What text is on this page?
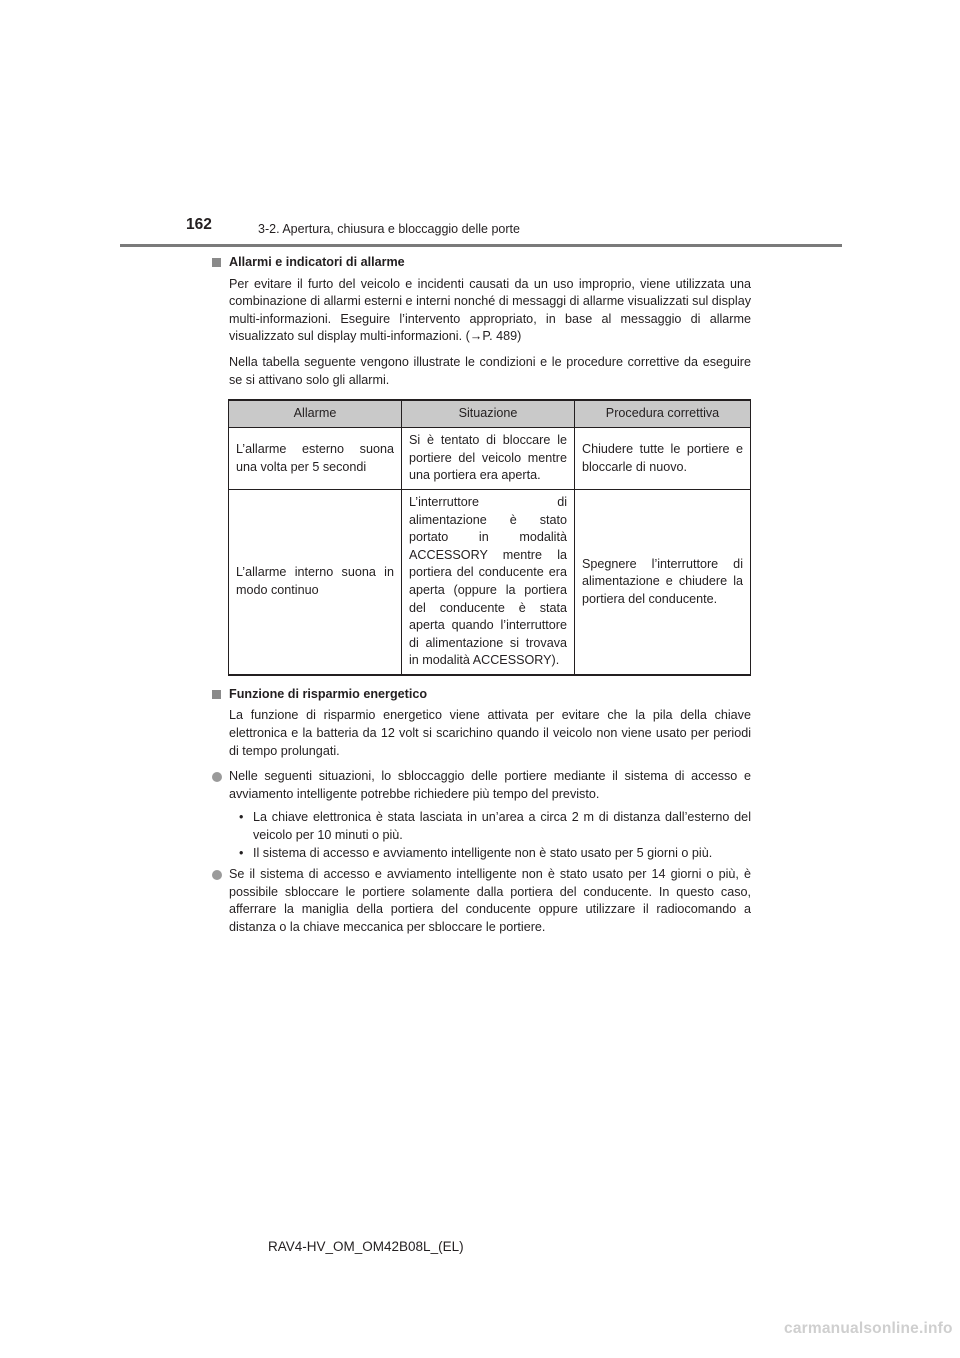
162	3-2. Apertura, chiusura e bloccaggio delle porte
Allarmi e indicatori di allarme

Per evitare il furto del veicolo e incidenti causati da un uso improprio, viene utilizzata una combinazione di allarmi esterni e interni nonché di messaggi di allarme visualizzati sul display multi-informazioni. Eseguire l’intervento appropriato, in base al messaggio di allarme visualizzato sul display multi-informazioni. (→P. 489)

Nella tabella seguente vengono illustrate le condizioni e le procedure correttive da eseguire se si attivano solo gli allarmi.

Allarme	Situazione	Procedura correttiva
L’allarme esterno suona una volta per 5 secondi	Si è tentato di bloccare le portiere del veicolo mentre una portiera era aperta.	Chiudere tutte le portiere e bloccarle di nuovo.
L’allarme interno suona in modo continuo	L’interruttore di alimentazione è stato portato in modalità ACCESSORY mentre la portiera del conducente era aperta (oppure la portiera del conducente è stata aperta quando l’interruttore di alimentazione si trovava in modalità ACCESSORY).	Spegnere l’interruttore di alimentazione e chiudere la portiera del conducente.
Funzione di risparmio energetico

La funzione di risparmio energetico viene attivata per evitare che la pila della chiave elettronica e la batteria da 12 volt si scarichino quando il veicolo non viene usato per periodi di tempo prolungati.

Nelle seguenti situazioni, lo sbloccaggio delle portiere mediante il sistema di accesso e avviamento intelligente potrebbe richiedere più tempo del previsto.
• La chiave elettronica è stata lasciata in un’area a circa 2 m di distanza dall’esterno del veicolo per 10 minuti o più.
• Il sistema di accesso e avviamento intelligente non è stato usato per 5 giorni o più.
Se il sistema di accesso e avviamento intelligente non è stato usato per 14 giorni o più, è possibile sbloccare le portiere solamente dalla portiera del conducente. In questo caso, afferrare la maniglia della portiera del conducente oppure utilizzare il radiocomando a distanza o la chiave meccanica per sbloccare le portiere.
RAV4-HV_OM_OM42B08L_(EL)
carmanualsonline.info
